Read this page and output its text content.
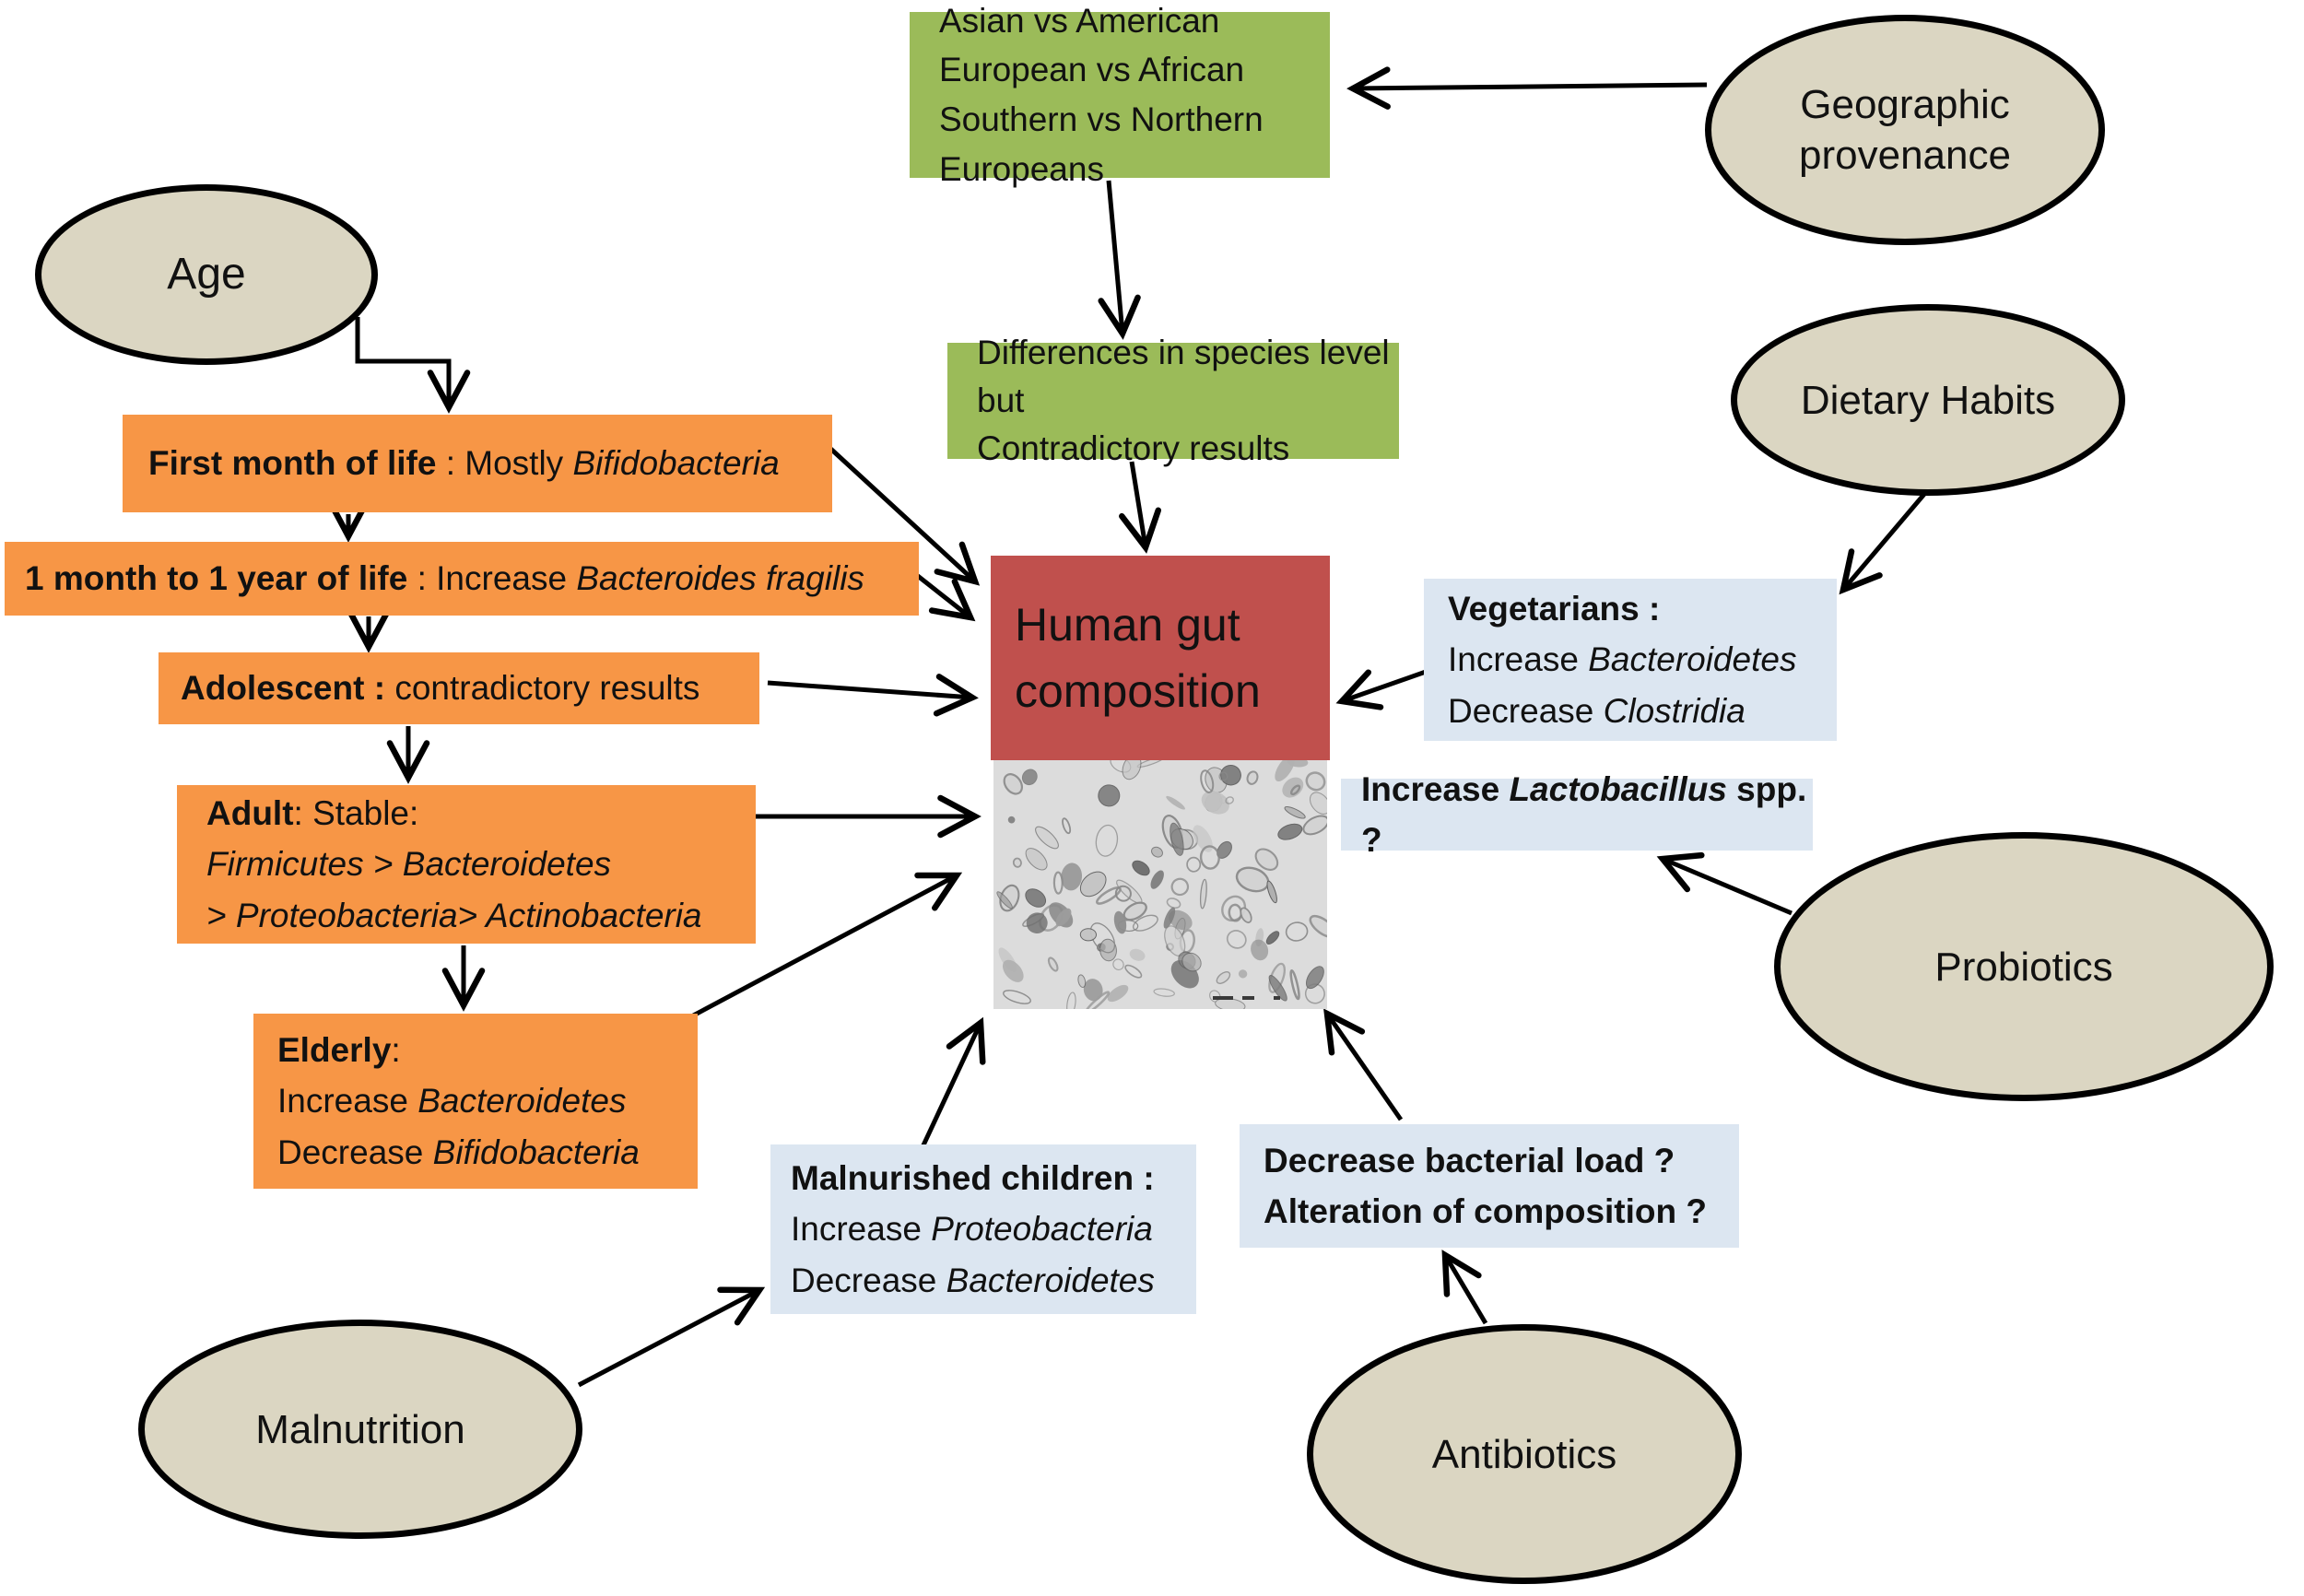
Age
Geographic
provenance
Dietary Habits
Probiotics
Malnutrition
Antibiotics
Asian vs American
European vs African
Southern vs Northern Europeans
Differences in species level but
Contradictory results
Human gut
composition
First month of life : Mostly Bifidobacteria
1 month to 1 year of life : Increase Bacteroides fragilis
Adolescent : contradictory results
Adult: Stable:
Firmicutes > Bacteroidetes
> Proteobacteria> Actinobacteria
Elderly:
Increase Bacteroidetes
Decrease Bifidobacteria
Vegetarians :
Increase Bacteroidetes
Decrease Clostridia
Increase Lactobacillus spp. ?
Malnurished children :
Increase Proteobacteria
Decrease Bacteroidetes
Decrease bacterial load ?
Alteration of composition ?
